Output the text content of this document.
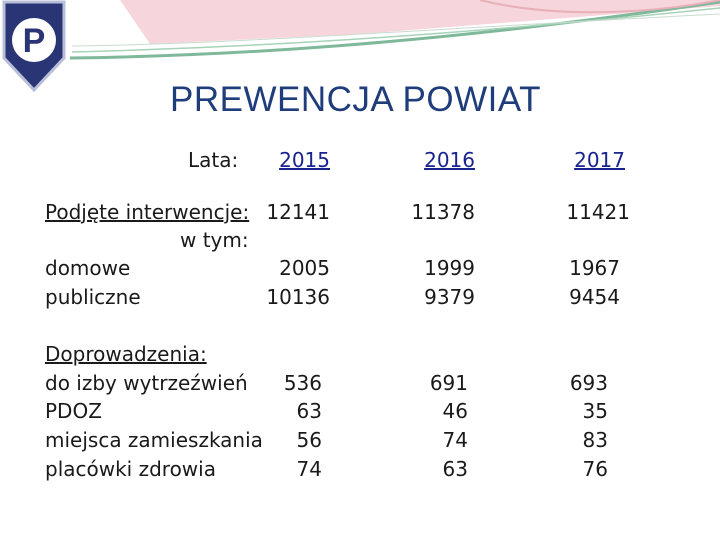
P
PREWENCJA POWIAT
Lata:	2015	2016	2017
Podjęte interwencje: 12141	11378	11421
w tym:
domowe	2005	1999	1967
publiczne	10136	9379	9454
Doprowadzenia:
do izby wytrzeźwień	536	691	693
PDOZ	63	46	35
miejsca zamieszkania	56	74	83
placówki zdrowia	74	63	76
